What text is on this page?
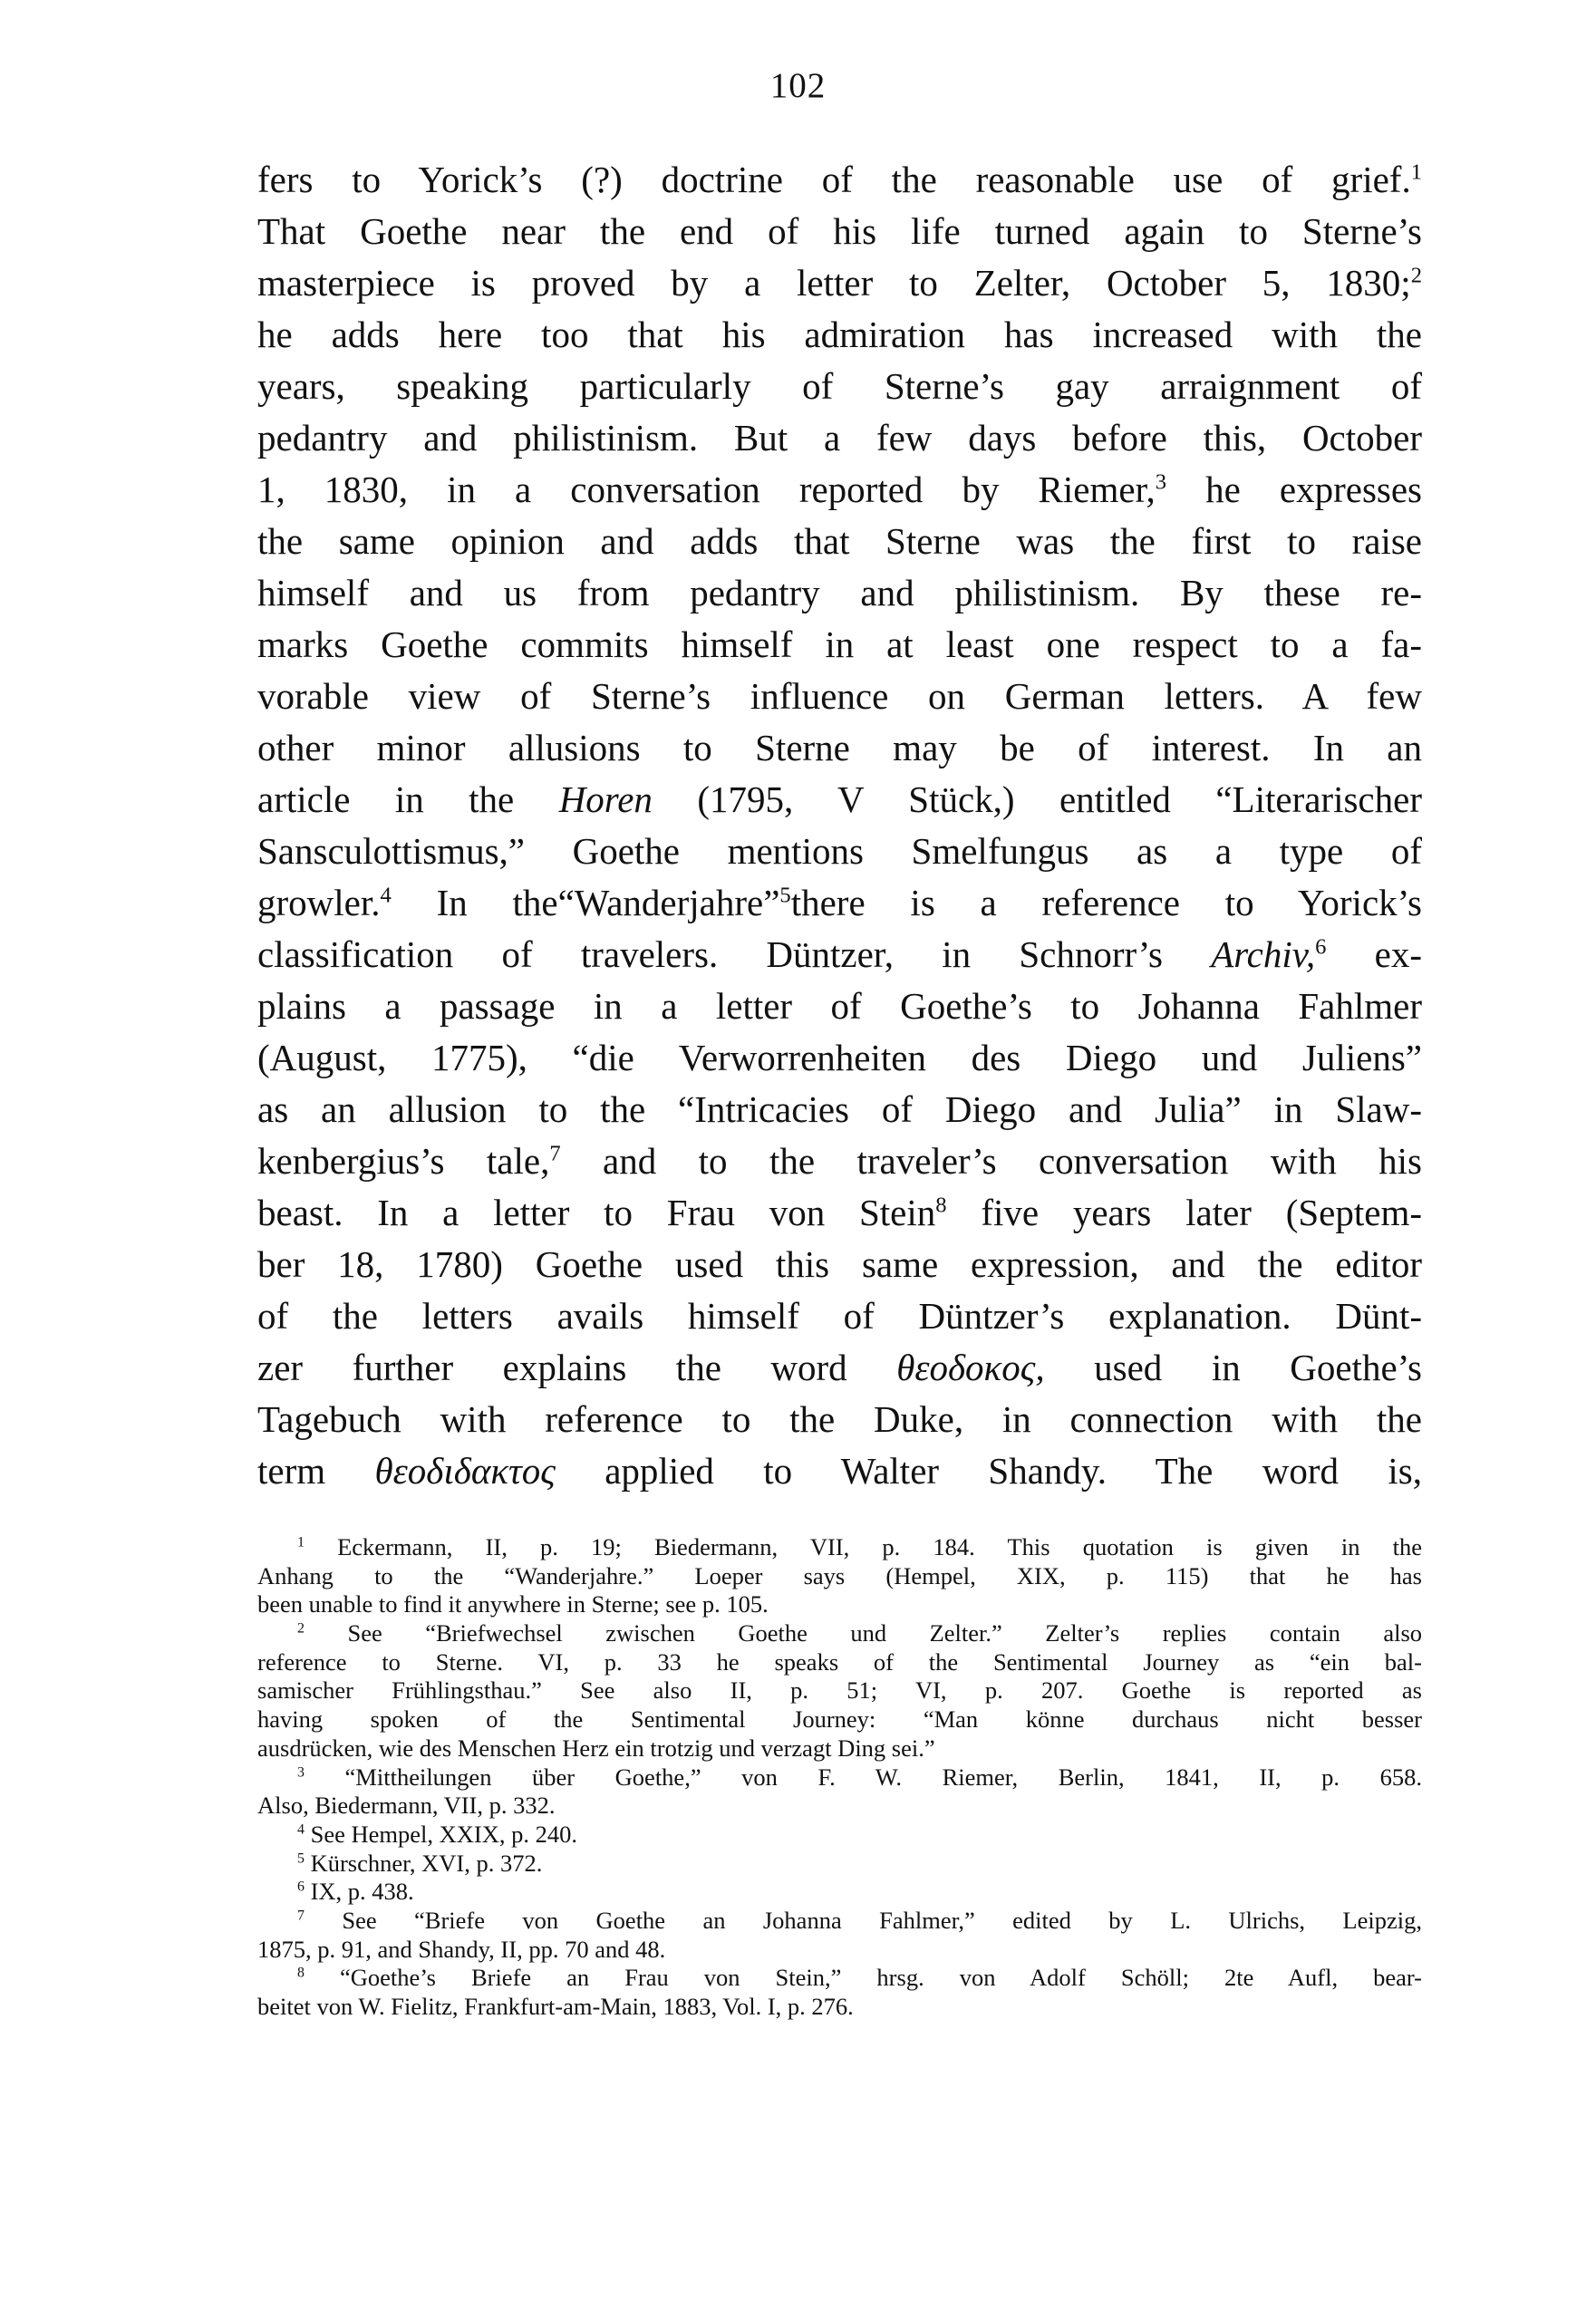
102
fers to Yorick’s (?) doctrine of the reasonable use of grief.$^1$
That Goethe near the end of his life turned again to Sterne’s
masterpiece is proved by a letter to Zelter, October 5, 1830;$^2$
he adds here too that his admiration has increased with the
years, speaking particularly of Sterne’s gay arraignment of
pedantry and philistinism. But a few days before this, October
1, 1830, in a conversation reported by Riemer,$^3$ he expresses
the same opinion and adds that Sterne was the first to raise
himself and us from pedantry and philistinism. By these re-
marks Goethe commits himself in at least one respect to a fa-
vorable view of Sterne’s influence on German letters. A few
other minor allusions to Sterne may be of interest. In an
article in the Horen (1795, V Stück,) entitled “Literarischer
Sansculottismus,” Goethe mentions Smelfungus as a type of
growler.$^4$ In the“Wanderjahre”$^5$there is a reference to Yorick’s
classification of travelers. Düntzer, in Schnorr’s Archiv,$^6$ ex-
plains a passage in a letter of Goethe’s to Johanna Fahlmer
(August, 1775), “die Verworrenheiten des Diego und Juliens”
as an allusion to the “Intricacies of Diego and Julia” in Slaw-
kenbergius’s tale,$^7$ and to the traveler’s conversation with his
beast. In a letter to Frau von Stein$^8$ five years later (Septem-
ber 18, 1780) Goethe used this same expression, and the editor
of the letters avails himself of Düntzer’s explanation. Dünt-
zer further explains the word θεοδοκος, used in Goethe’s
Tagebuch with reference to the Duke, in connection with the
term θεοδιδακτος applied to Walter Shandy. The word is,
$^1$ Eckermann, II, p. 19; Biedermann, VII, p. 184. This quotation is given in the
Anhang to the “Wanderjahre.” Loeper says (Hempel, XIX, p. 115) that he has
been unable to find it anywhere in Sterne; see p. 105.
$^2$ See “Briefwechsel zwischen Goethe und Zelter.” Zelter’s replies contain also
reference to Sterne. VI, p. 33 he speaks of the Sentimental Journey as “ein bal-
samischer Frühlingsthau.” See also II, p. 51; VI, p. 207. Goethe is reported as
having spoken of the Sentimental Journey: “Man könne durchaus nicht besser
ausdrücken, wie des Menschen Herz ein trotzig und verzagt Ding sei.”
$^3$ “Mittheilungen über Goethe,” von F. W. Riemer, Berlin, 1841, II, p. 658.
Also, Biedermann, VII, p. 332.
$^4$ See Hempel, XXIX, p. 240.
$^5$ Kürschner, XVI, p. 372.
$^6$ IX, p. 438.
$^7$ See “Briefe von Goethe an Johanna Fahlmer,” edited by L. Ulrichs, Leipzig,
1875, p. 91, and Shandy, II, pp. 70 and 48.
$^8$ “Goethe’s Briefe an Frau von Stein,” hrsg. von Adolf Schöll; 2te Aufl, bear-
beitet von W. Fielitz, Frankfurt-am-Main, 1883, Vol. I, p. 276.
